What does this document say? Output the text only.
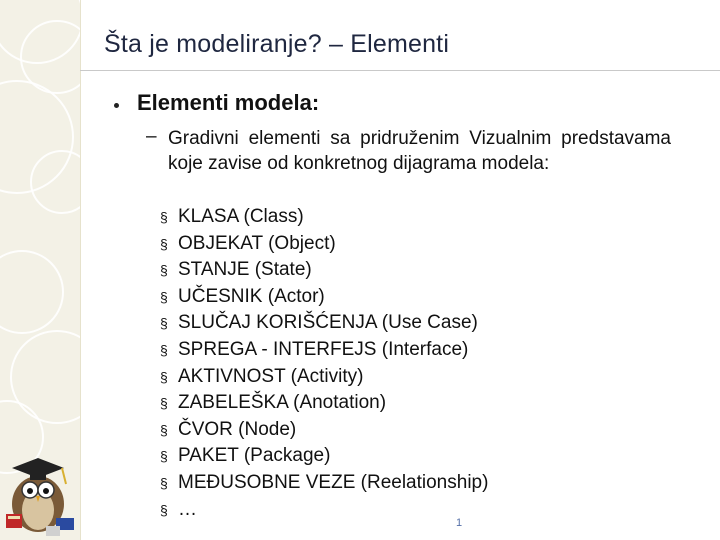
Šta je modeliranje? – Elementi
Elementi modela:
– Gradivni elementi sa pridruženim Vizualnim predstavama koje zavise od konkretnog dijagrama modela:
§ KLASA (Class)
§ OBJEKAT (Object)
§ STANJE (State)
§ UČESNIK (Actor)
§ SLUČAJ KORIŠĆENJA (Use Case)
§ SPREGA - INTERFEJS (Interface)
§ AKTIVNOST (Activity)
§ ZABELEŠKA (Anotation)
§ ČVOR (Node)
§ PAKET (Package)
§ MEĐUSOBNE VEZE (Reelationship)
§ …
1
